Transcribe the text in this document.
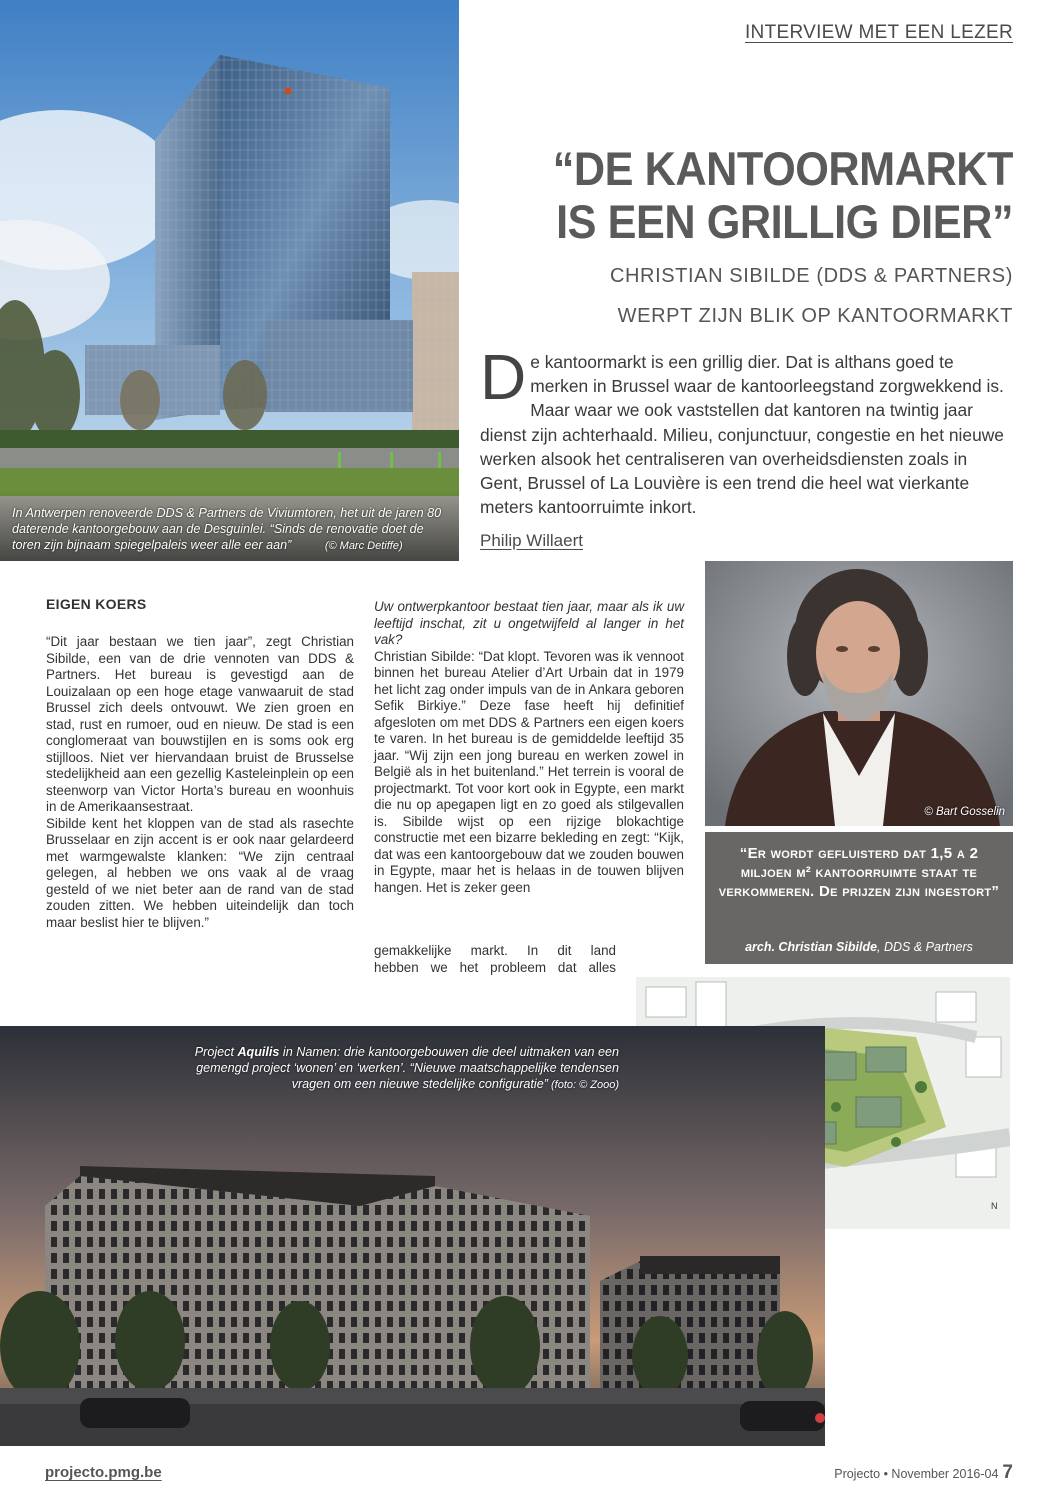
INTERVIEW MET EEN LEZER
In Antwerpen renoveerde DDS & Partners de Viviumtoren, het uit de jaren 80 daterende kantoorgebouw aan de Desguinlei. “Sinds de renovatie doet de toren zijn bijnaam spiegelpaleis weer alle eer aan”	(© Marc Detiffe)
“DE KANTOORMARKT
IS EEN GRILLIG DIER”
CHRISTIAN SIBILDE (DDS & PARTNERS)
WERPT ZIJN BLIK OP KANTOORMARKT
De kantoormarkt is een grillig dier. Dat is althans goed te merken in Brussel waar de kantoorleegstand zorgwekkend is. Maar waar we ook vaststellen dat kantoren na twintig jaar dienst zijn achterhaald. Milieu, conjunctuur, congestie en het nieuwe werken alsook het centraliseren van overheidsdiensten zoals in Gent, Brussel of La Louvière is een trend die heel wat vierkante meters kantoorruimte inkort.
Philip Willaert
EIGEN KOERS

“Dit jaar bestaan we tien jaar”, zegt Christian Sibilde, een van de drie vennoten van DDS & Partners. Het bureau is gevestigd aan de Louizalaan op een hoge etage vanwaaruit de stad Brussel zich deels ontvouwt. We zien groen en stad, rust en rumoer, oud en nieuw. De stad is een conglomeraat van bouwstijlen en is soms ook erg stijlloos. Niet ver hiervandaan bruist de Brusselse stedelijkheid aan een gezellig Kasteleinplein op een steenworp van Victor Horta’s bureau en woonhuis in de Amerikaansestraat.

Sibilde kent het kloppen van de stad als rasechte Brusselaar en zijn accent is er ook naar gelardeerd met warmgewalste klanken: “We zijn centraal gelegen, al hebben we ons vaak al de vraag gesteld of we niet beter aan de rand van de stad zouden zitten. We hebben uiteindelijk dan toch maar beslist hier te blijven.”

Uw ontwerpkantoor bestaat tien jaar, maar als ik uw leeftijd inschat, zit u ongetwijfeld al langer in het vak?

Christian Sibilde: “Dat klopt. Tevoren was ik vennoot binnen het bureau Atelier d’Art Urbain dat in 1979 het licht zag onder impuls van de in Ankara geboren Sefik Birkiye.” Deze fase heeft hij definitief afgesloten om met DDS & Partners een eigen koers te varen. In het bureau is de gemiddelde leeftijd 35 jaar. “Wij zijn een jong bureau en werken zowel in België als in het buitenland.” Het terrein is vooral de projectmarkt. Tot voor kort ook in Egypte, een markt die nu op apegapen ligt en zo goed als stilgevallen is. Sibilde wijst op een rijzige blokachtige constructie met een bizarre bekleding en zegt: “Kijk, dat was een kantoorgebouw dat we zouden bouwen in Egypte, maar het is helaas in de touwen blijven hangen. Het is zeker geen

gemakkelijke markt. In dit land

hebben we het probleem dat alles

© Bart Gosselin
“Er wordt gefluisterd dat 1,5 a 2 miljoen m² kantoorruimte staat te verkommeren. De prijzen zijn ingestort”
arch. Christian Sibilde, DDS & Partners
N
Project Aquilis in Namen: drie kantoorgebouwen die deel uitmaken van een gemengd project ‘wonen’ en ‘werken’. “Nieuwe maatschappelijke tendensen vragen om een nieuwe stedelijke configuratie” (foto: © Zooo)
projecto.pmg.be	Projecto • November 2016-04 7
